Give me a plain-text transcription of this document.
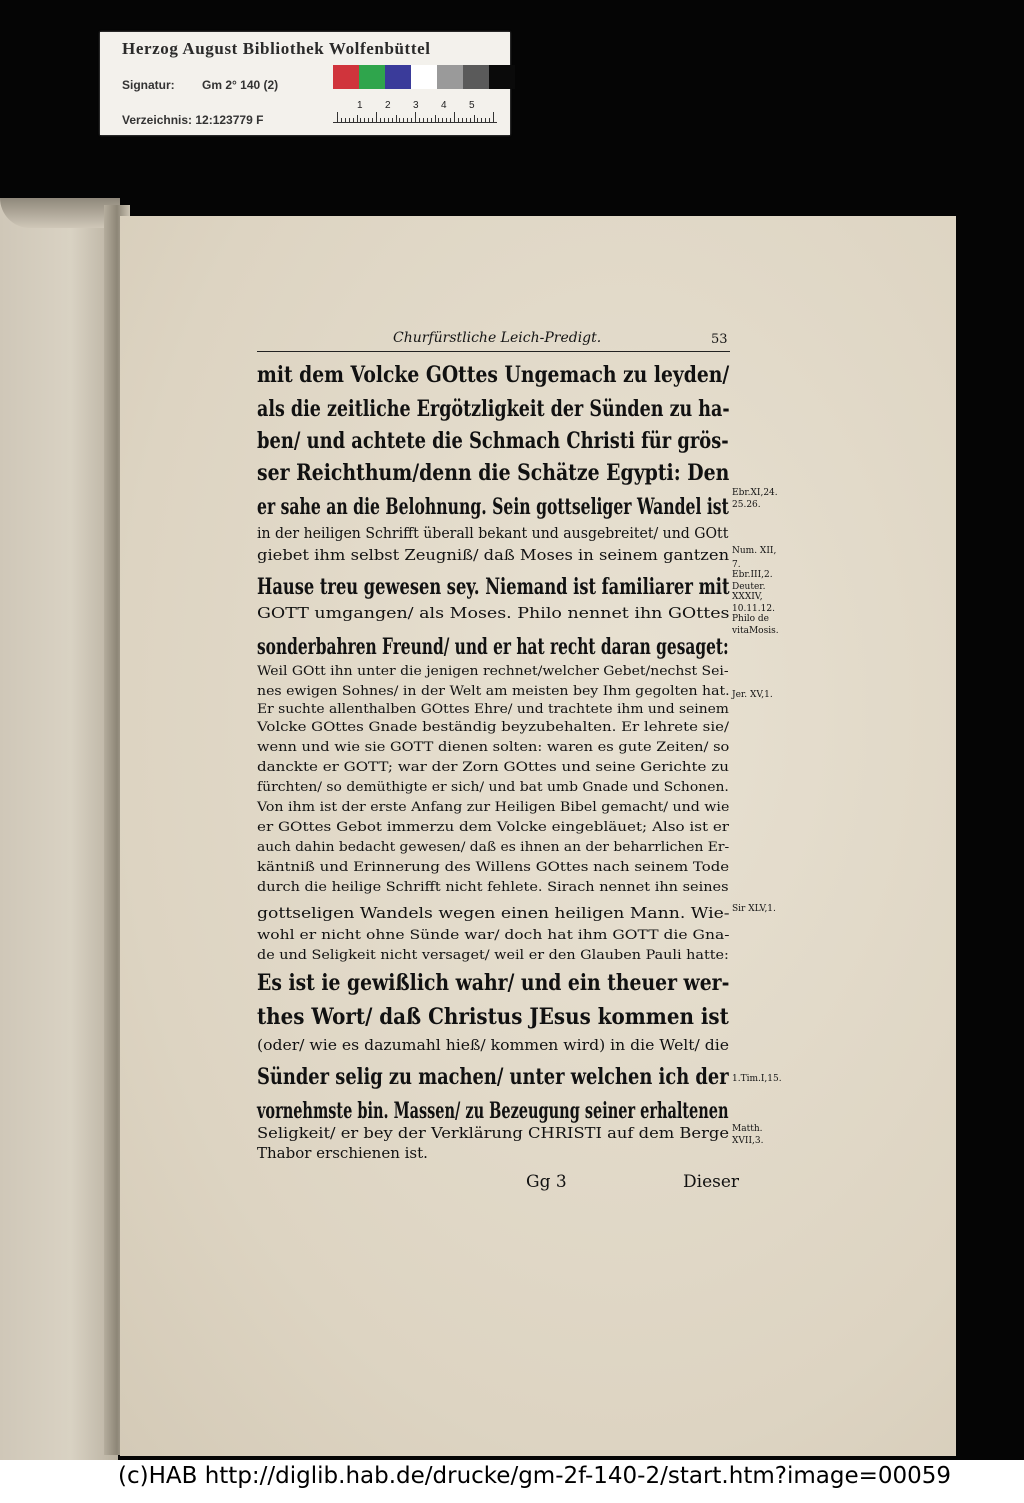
Herzog August Bibliothek Wolfenbüttel
Signatur: Gm 2° 140 (2)
Verzeichnis: 12:123779 F
1 2 3 4 5
Churfürstliche Leich-Predigt.	53
mit dem Volcke GOttes Ungemach zu leyden/
als die zeitliche Ergötzligkeit der Sünden zu ha-
ben/ und achtete die Schmach Christi für grös-
ser Reichthum/denn die Schätze Egypti: Den
er sahe an die Belohnung. Sein gottseliger Wandel ist
in der heiligen Schrifft überall bekant und ausgebreitet/ und GOtt
giebet ihm selbst Zeugniß/ daß Moses in seinem gantzen
Hause treu gewesen sey. Niemand ist familiarer mit
GOTT umgangen/ als Moses. Philo nennet ihn GOttes
sonderbahren Freund/ und er hat recht daran gesaget:
Weil GOtt ihn unter die jenigen rechnet/welcher Gebet/nechst Sei-
nes ewigen Sohnes/ in der Welt am meisten bey Ihm gegolten hat.
Er suchte allenthalben GOttes Ehre/ und trachtete ihm und seinem
Volcke GOttes Gnade beständig beyzubehalten. Er lehrete sie/
wenn und wie sie GOTT dienen solten: waren es gute Zeiten/ so
danckte er GOTT; war der Zorn GOttes und seine Gerichte zu
fürchten/ so demüthigte er sich/ und bat umb Gnade und Schonen.
Von ihm ist der erste Anfang zur Heiligen Bibel gemacht/ und wie
er GOttes Gebot immerzu dem Volcke eingebläuet; Also ist er
auch dahin bedacht gewesen/ daß es ihnen an der beharrlichen Er-
käntniß und Erinnerung des Willens GOttes nach seinem Tode
durch die heilige Schrifft nicht fehlete. Sirach nennet ihn seines
gottseligen Wandels wegen einen heiligen Mann. Wie-
wohl er nicht ohne Sünde war/ doch hat ihm GOTT die Gna-
de und Seligkeit nicht versaget/ weil er den Glauben Pauli hatte:
Es ist ie gewißlich wahr/ und ein theuer wer-
thes Wort/ daß Christus JEsus kommen ist
(oder/ wie es dazumahl hieß/ kommen wird) in die Welt/ die
Sünder selig zu machen/ unter welchen ich der
vornehmste bin. Massen/ zu Bezeugung seiner erhaltenen
Seligkeit/ er bey der Verklärung CHRISTI auf dem Berge
Thabor erschienen ist.
Ebr.XI,24.
25.26.
Num. XII,
7.
Ebr.III,2.
Deuter.
XXXIV,
10.11.12.
Philo de
vitaMosis.
Jer. XV,1.
Sir XLV,1.
1.Tim.I,15.
Matth.
XVII,3.
Gg 3	Dieser
(c)HAB http://diglib.hab.de/drucke/gm-2f-140-2/start.htm?image=00059
